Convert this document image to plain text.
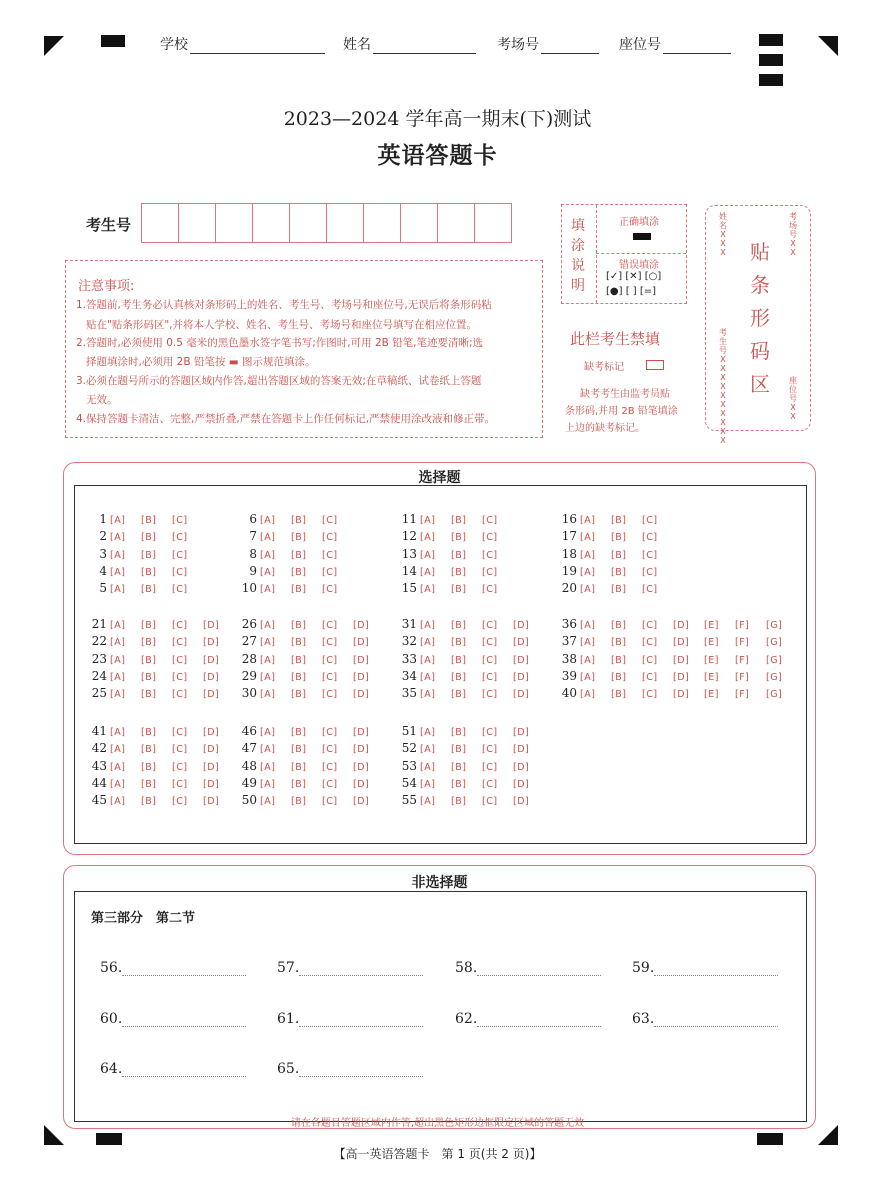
学校	姓名	考场号	座位号
2023—2024 学年高一期末(下)测试
英语答题卡
考生号
注意事项:
1.答题前,考生务必认真核对条形码上的姓名、考生号、考场号和座位号,无误后将条形码粘
贴在"贴条形码区",并将本人学校、姓名、考生号、考场号和座位号填写在相应位置。
2.答题时,必须使用 0.5 毫米的黑色墨水签字笔书写;作图时,可用 2B 铅笔,笔迹要清晰;选
择题填涂时,必须用 2B 铅笔按 ▬ 图示规范填涂。
3.必须在题号所示的答题区域内作答,超出答题区域的答案无效;在草稿纸、试卷纸上答题
无效。
4.保持答题卡清洁、完整,严禁折叠,严禁在答题卡上作任何标记,严禁使用涂改液和修正带。
填
涂
说
明
正确填涂
错误填涂
[✓] [✕] [○]
[●] [ ] [=]
此栏考生禁填
缺考标记
缺考考生由监考员贴
条形码,并用 2B 铅笔填涂
上边的缺考标记。
姓名XXX
考场号XX
贴
条
形
码
区
考生号XXXXXXXXXX
座位号XX
选择题
1 [A] [B] [C]
2 [A] [B] [C]
3 [A] [B] [C]
4 [A] [B] [C]
5 [A] [B] [C]
6 [A] [B] [C]
7 [A] [B] [C]
8 [A] [B] [C]
9 [A] [B] [C]
10 [A] [B] [C]
11 [A] [B] [C]
12 [A] [B] [C]
13 [A] [B] [C]
14 [A] [B] [C]
15 [A] [B] [C]
16 [A] [B] [C]
17 [A] [B] [C]
18 [A] [B] [C]
19 [A] [B] [C]
20 [A] [B] [C]
21 [A] [B] [C] [D]
22 [A] [B] [C] [D]
23 [A] [B] [C] [D]
24 [A] [B] [C] [D]
25 [A] [B] [C] [D]
26 [A] [B] [C] [D]
27 [A] [B] [C] [D]
28 [A] [B] [C] [D]
29 [A] [B] [C] [D]
30 [A] [B] [C] [D]
31 [A] [B] [C] [D]
32 [A] [B] [C] [D]
33 [A] [B] [C] [D]
34 [A] [B] [C] [D]
35 [A] [B] [C] [D]
36 [A] [B] [C] [D] [E] [F] [G]
37 [A] [B] [C] [D] [E] [F] [G]
38 [A] [B] [C] [D] [E] [F] [G]
39 [A] [B] [C] [D] [E] [F] [G]
40 [A] [B] [C] [D] [E] [F] [G]
41 [A] [B] [C] [D]
42 [A] [B] [C] [D]
43 [A] [B] [C] [D]
44 [A] [B] [C] [D]
45 [A] [B] [C] [D]
46 [A] [B] [C] [D]
47 [A] [B] [C] [D]
48 [A] [B] [C] [D]
49 [A] [B] [C] [D]
50 [A] [B] [C] [D]
51 [A] [B] [C] [D]
52 [A] [B] [C] [D]
53 [A] [B] [C] [D]
54 [A] [B] [C] [D]
55 [A] [B] [C] [D]
非选择题
第三部分　第二节
56.	57.	58.	59.
60.	61.	62.	63.
64.	65.
请在各题目答题区域内作答,超出黑色矩形边框限定区域的答题无效
【高一英语答题卡　第 1 页(共 2 页)】
